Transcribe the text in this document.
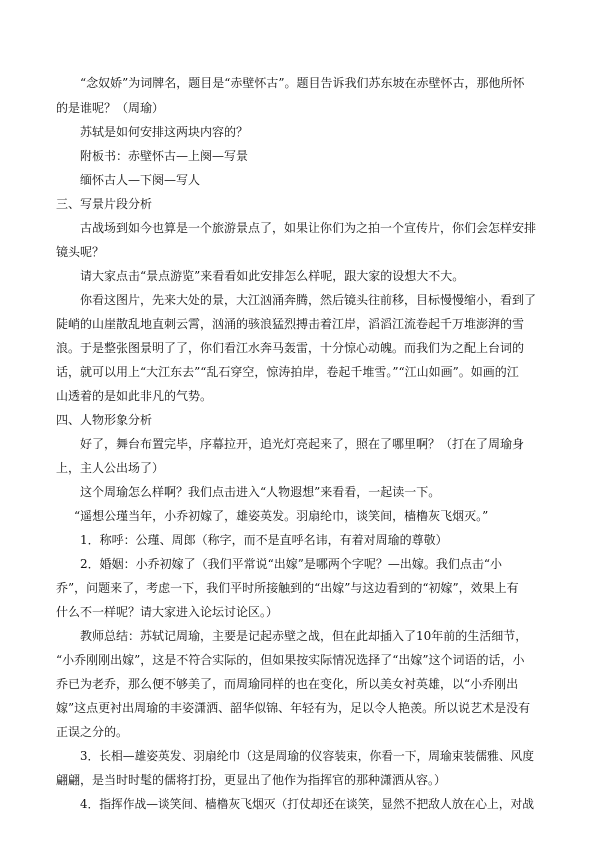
“念奴娇”为词牌名，题目是“赤壁怀古”。题目告诉我们苏东坡在赤壁怀古，那他所怀
的是谁呢？（周瑜）
苏轼是如何安排这两块内容的？
附板书：赤壁怀古—上阕—写景
缅怀古人—下阕—写人
三、写景片段分析
古战场到如今也算是一个旅游景点了，如果让你们为之拍一个宣传片，你们会怎样安排
镜头呢？
请大家点击“景点游览”来看看如此安排怎么样呢，跟大家的设想大不大。
你看这图片，先来大处的景，大江汹涌奔腾，然后镜头往前移，目标慢慢缩小，看到了
陡峭的山崖散乱地直刺云霄，汹涌的骇浪猛烈搏击着江岸，滔滔江流卷起千万堆澎湃的雪
浪。于是整张图景明了了，你们看江水奔马轰雷，十分惊心动魄。而我们为之配上台词的
话，就可以用上“大江东去”“乱石穿空，惊涛拍岸，卷起千堆雪。”“江山如画”。如画的江
山透着的是如此非凡的气势。
四、人物形象分析
好了，舞台布置完毕，序幕拉开，追光灯亮起来了，照在了哪里啊？（打在了周瑜身
上，主人公出场了）
这个周瑜怎么样啊？我们点击进入“人物遐想”来看看，一起读一下。
“遥想公瑾当年，小乔初嫁了，雄姿英发。羽扇纶巾，谈笑间，樯橹灰飞烟灭。”
1．称呼：公瑾、周郎（称字，而不是直呼名讳，有着对周瑜的尊敬）
2．婚姻：小乔初嫁了（我们平常说“出嫁”是哪两个字呢？—出嫁。我们点击“小
乔”，问题来了，考虑一下，我们平时所接触到的“出嫁”与这边看到的“初嫁”，效果上有
什么不一样呢？请大家进入论坛讨论区。）
教师总结：苏轼记周瑜，主要是记起赤壁之战，但在此却插入了10年前的生活细节，
“小乔刚刚出嫁”，这是不符合实际的，但如果按实际情况选择了“出嫁”这个词语的话，小
乔已为老乔，那么便不够美了，而周瑜同样的也在变化，所以美女衬英雄，以“小乔刚出
嫁”这点更衬出周瑜的丰姿潇洒、韶华似锦、年轻有为，足以令人艳羡。所以说艺术是没有
正误之分的。
3．长相—雄姿英发、羽扇纶巾（这是周瑜的仪容装束，你看一下，周瑜束装儒雅、风度
翩翩，是当时时髦的儒将打扮，更显出了他作为指挥官的那种潇洒从容。）
4．指挥作战—谈笑间、樯橹灰飞烟灭（打仗却还在谈笑，显然不把敌人放在心上，对战
